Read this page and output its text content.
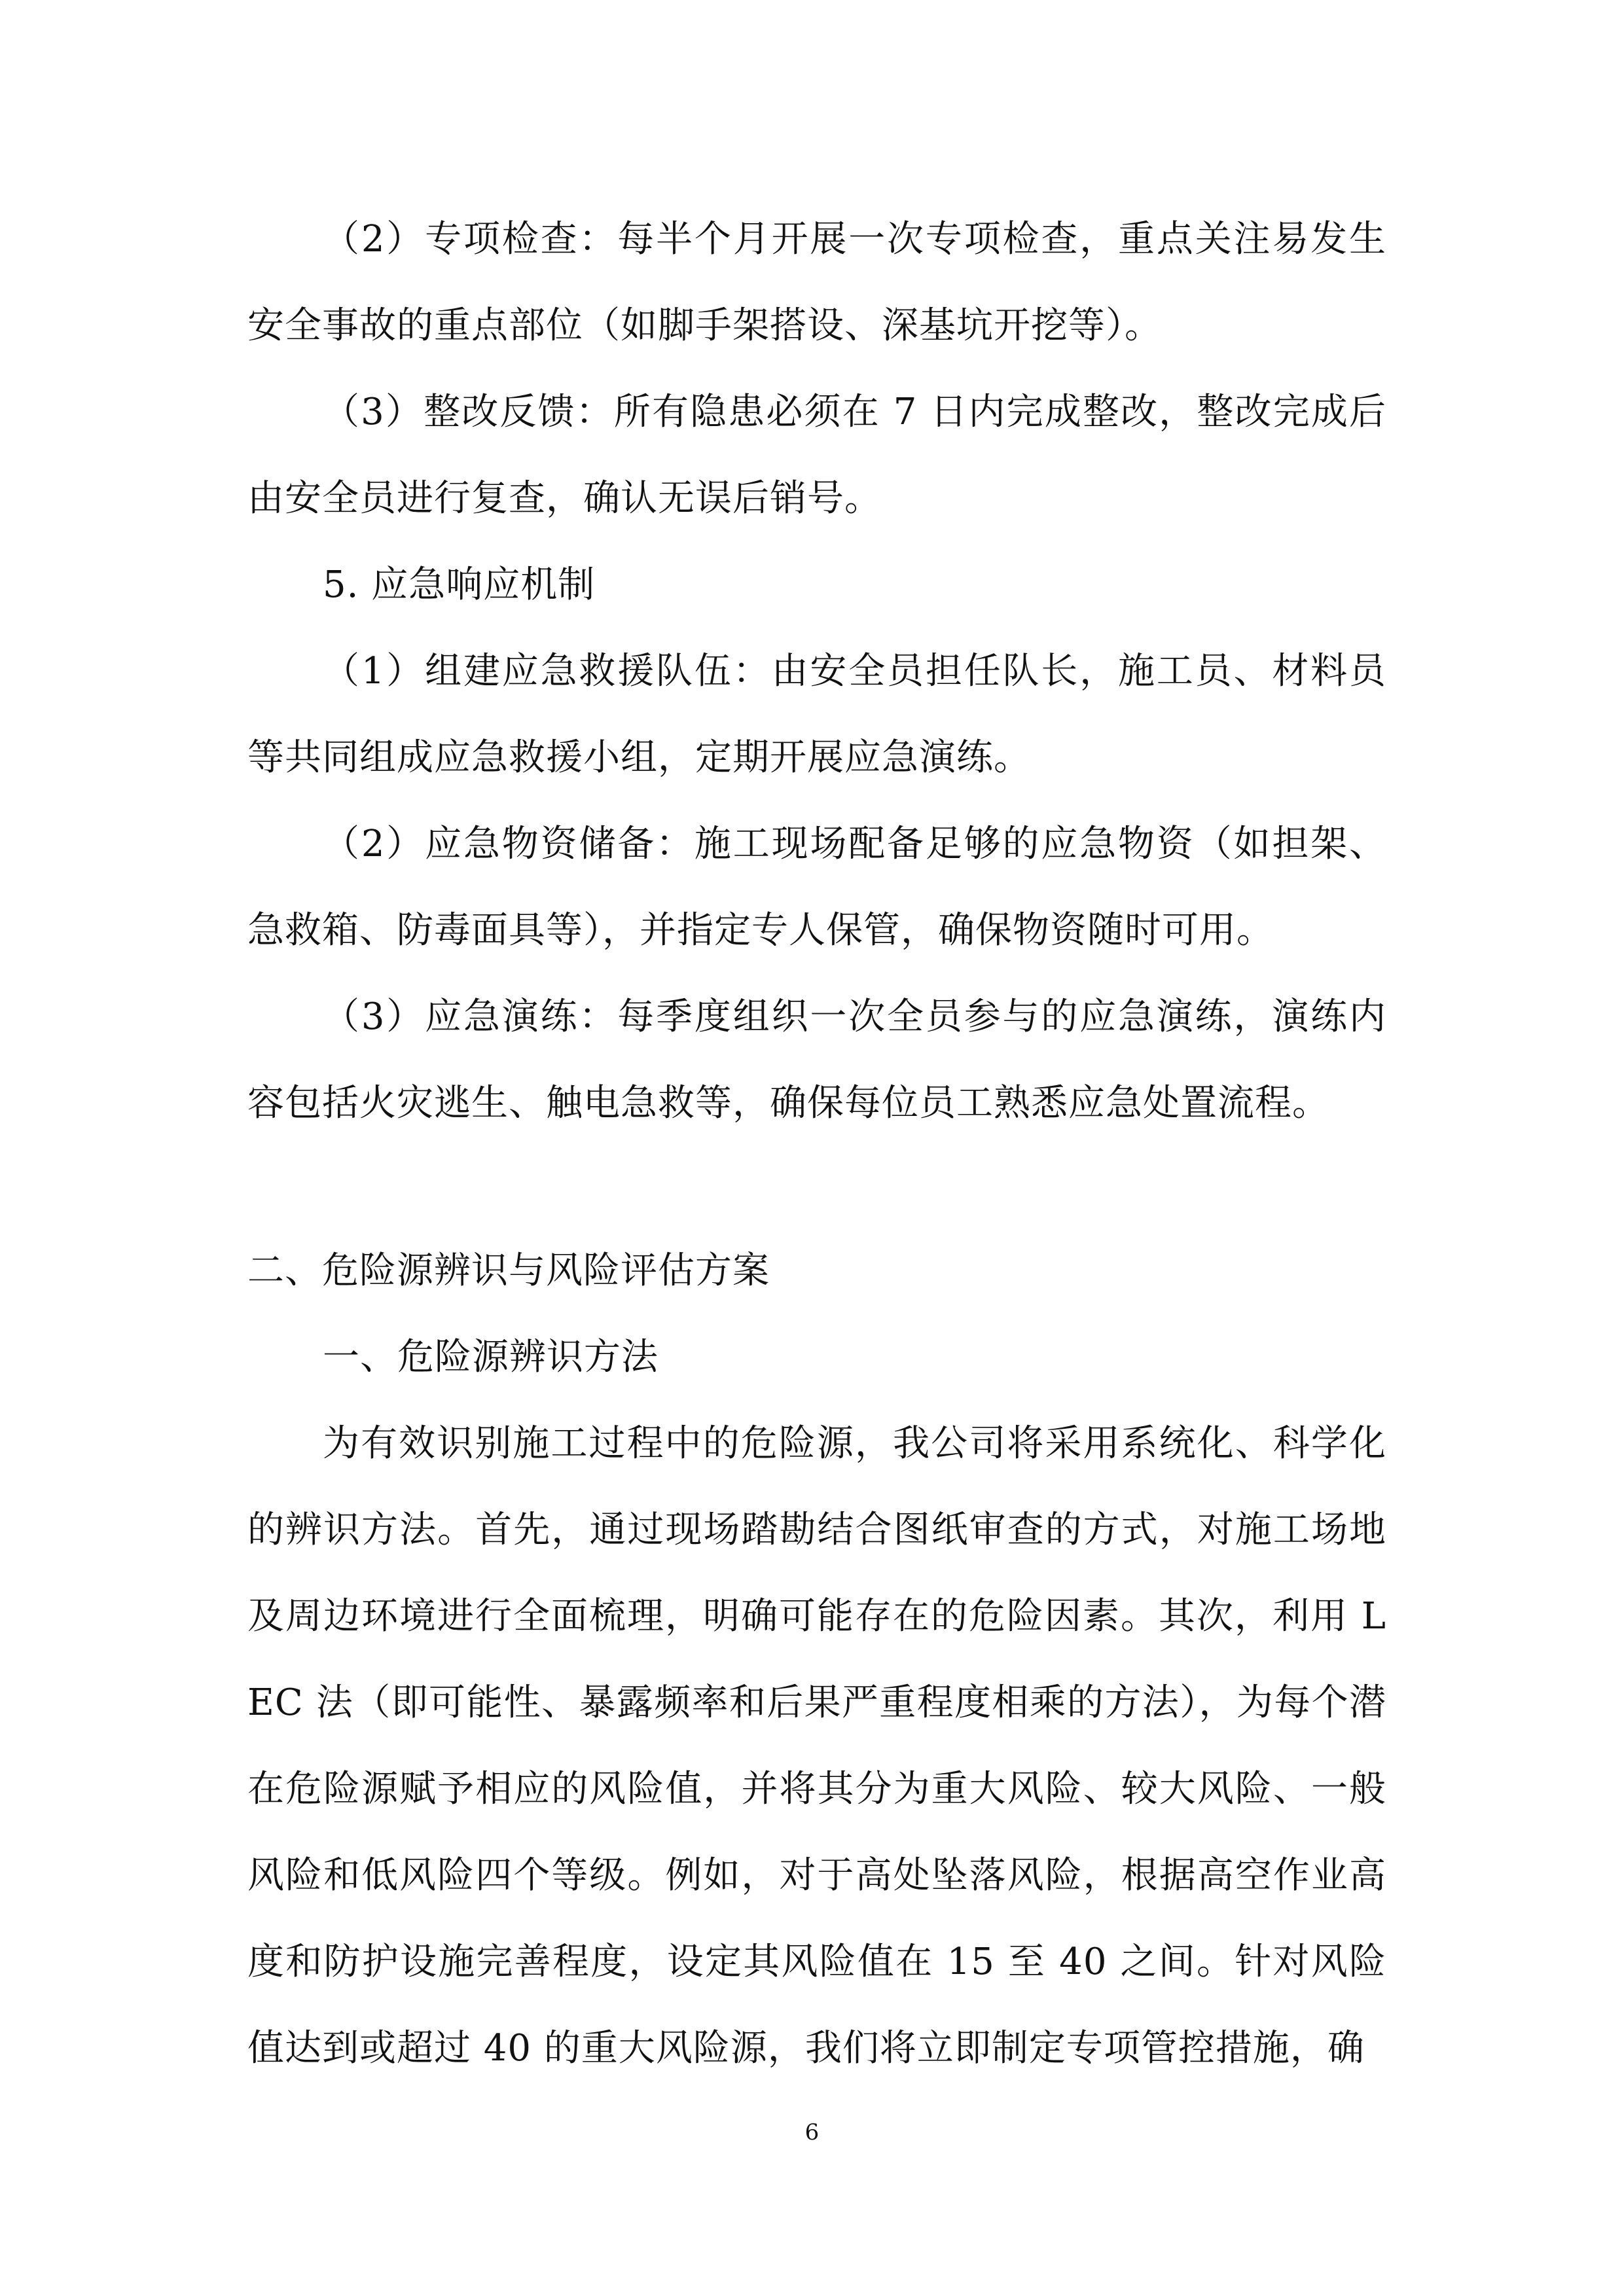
（2）专项检查：每半个月开展一次专项检查，重点关注易发生安全事故的重点部位（如脚手架搭设、深基坑开挖等）。

（3）整改反馈：所有隐患必须在 7 日内完成整改，整改完成后由安全员进行复查，确认无误后销号。

5. 应急响应机制

（1）组建应急救援队伍：由安全员担任队长，施工员、材料员等共同组成应急救援小组，定期开展应急演练。

（2）应急物资储备：施工现场配备足够的应急物资（如担架、急救箱、防毒面具等），并指定专人保管，确保物资随时可用。

（3）应急演练：每季度组织一次全员参与的应急演练，演练内容包括火灾逃生、触电急救等，确保每位员工熟悉应急处置流程。

二、危险源辨识与风险评估方案

一、危险源辨识方法

为有效识别施工过程中的危险源，我公司将采用系统化、科学化的辨识方法。首先，通过现场踏勘结合图纸审查的方式，对施工场地及周边环境进行全面梳理，明确可能存在的危险因素。其次，利用 LEC 法（即可能性、暴露频率和后果严重程度相乘的方法），为每个潜在危险源赋予相应的风险值，并将其分为重大风险、较大风险、一般风险和低风险四个等级。例如，对于高处坠落风险，根据高空作业高度和防护设施完善程度，设定其风险值在 15 至 40 之间。针对风险值达到或超过 40 的重大风险源，我们将立即制定专项管控措施，确

6
